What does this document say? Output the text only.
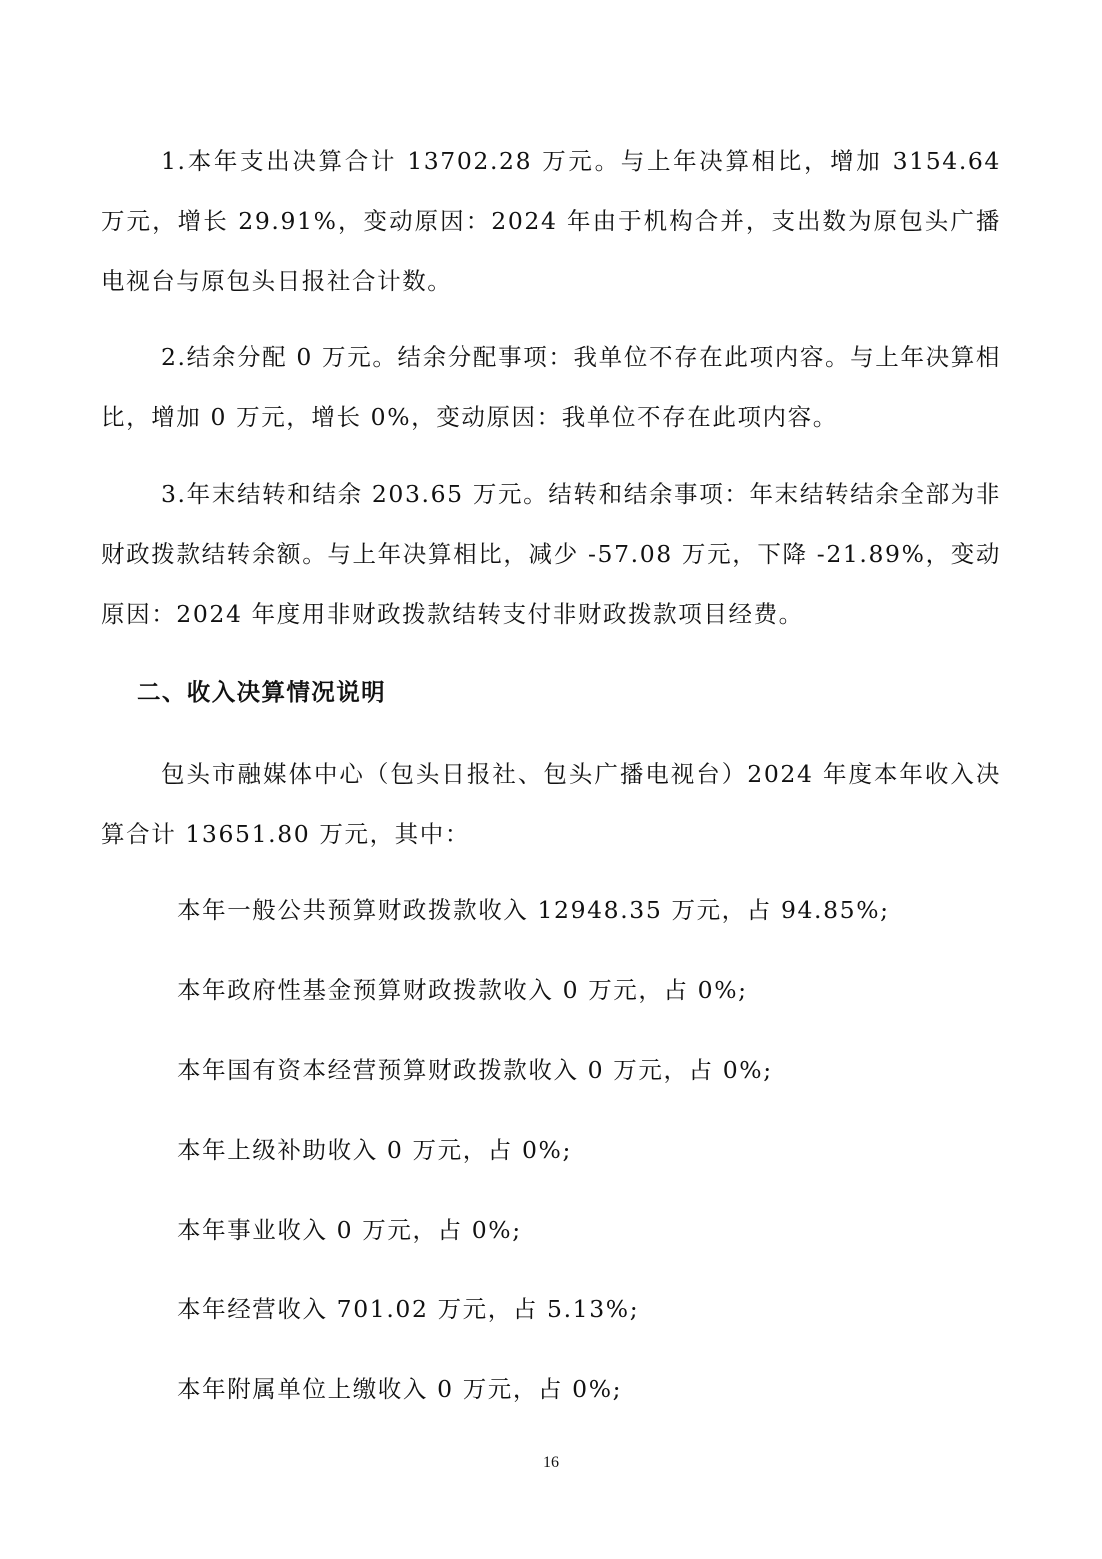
1.本年支出决算合计 13702.28 万元。与上年决算相比，增加 3154.64 万元，增长 29.91%，变动原因：2024 年由于机构合并，支出数为原包头广播电视台与原包头日报社合计数。

2.结余分配 0 万元。结余分配事项：我单位不存在此项内容。与上年决算相比，增加 0 万元，增长 0%，变动原因：我单位不存在此项内容。

3.年末结转和结余 203.65 万元。结转和结余事项：年末结转结余全部为非财政拨款结转余额。与上年决算相比，减少 -57.08 万元，下降 -21.89%，变动原因：2024 年度用非财政拨款结转支付非财政拨款项目经费。

二、收入决算情况说明

包头市融媒体中心（包头日报社、包头广播电视台）2024 年度本年收入决算合计 13651.80 万元，其中：

本年一般公共预算财政拨款收入 12948.35 万元，占 94.85%;

本年政府性基金预算财政拨款收入 0 万元，占 0%;

本年国有资本经营预算财政拨款收入 0 万元，占 0%;

本年上级补助收入 0 万元，占 0%;

本年事业收入 0 万元，占 0%;

本年经营收入 701.02 万元，占 5.13%;

本年附属单位上缴收入 0 万元，占 0%;

16
